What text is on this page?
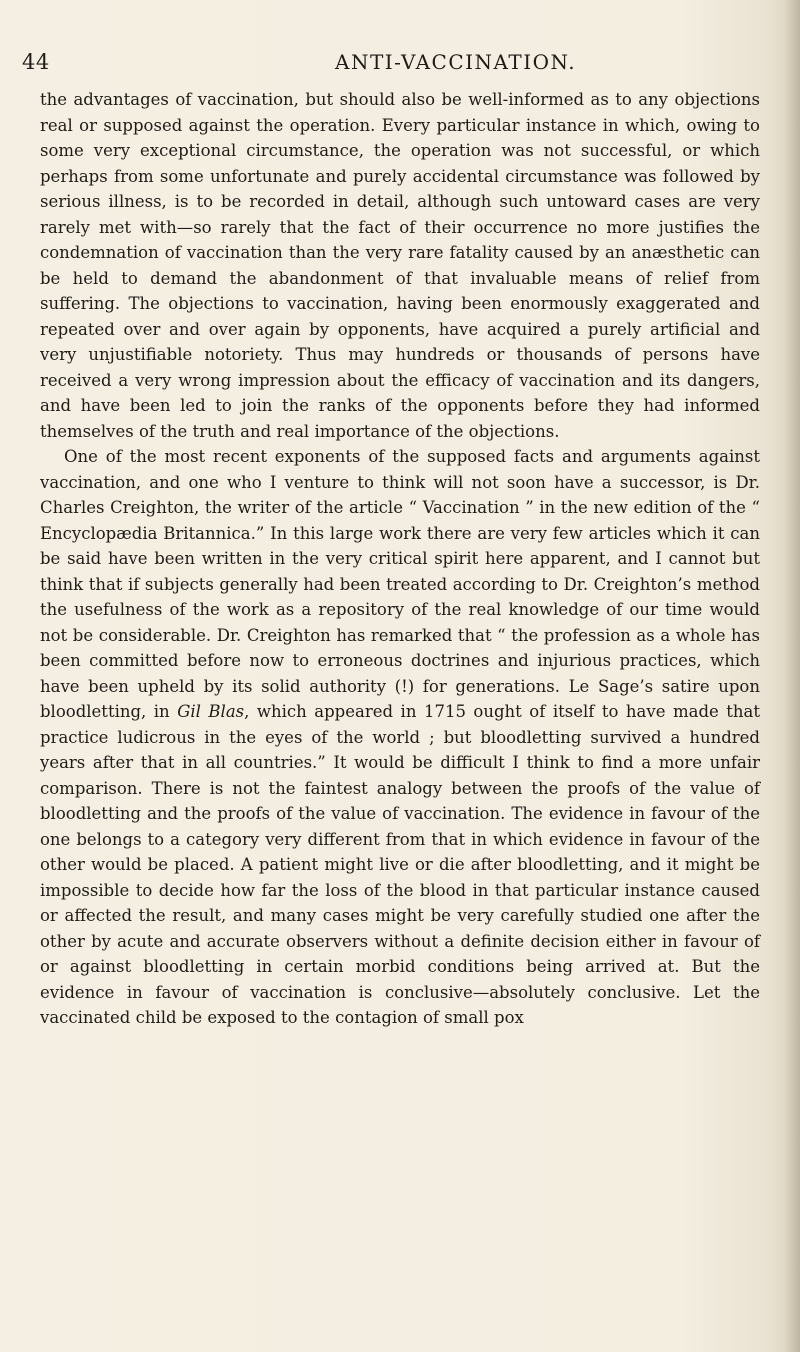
44	ANTI-VACCINATION.

the advantages of vaccination, but should also be well-informed as to any objections real or supposed against the operation. Every particular instance in which, owing to some very exceptional circumstance, the operation was not successful, or which perhaps from some unfortunate and purely accidental circumstance was followed by serious illness, is to be recorded in detail, although such untoward cases are very rarely met with—so rarely that the fact of their occurrence no more justifies the condemnation of vaccination than the very rare fatality caused by an anæsthetic can be held to demand the abandonment of that invaluable means of relief from suffering. The objections to vaccination, having been enormously exaggerated and repeated over and over again by opponents, have acquired a purely artificial and very unjustifiable notoriety. Thus may hundreds or thousands of persons have received a very wrong impression about the efficacy of vaccination and its dangers, and have been led to join the ranks of the opponents before they had informed themselves of the truth and real importance of the objections.

One of the most recent exponents of the supposed facts and arguments against vaccination, and one who I venture to think will not soon have a successor, is Dr. Charles Creighton, the writer of the article “ Vaccination ” in the new edition of the “ Encyclopædia Britannica.” In this large work there are very few articles which it can be said have been written in the very critical spirit here apparent, and I cannot but think that if subjects generally had been treated according to Dr. Creighton’s method the usefulness of the work as a repository of the real knowledge of our time would not be considerable. Dr. Creighton has remarked that “ the profession as a whole has been committed before now to erroneous doctrines and injurious practices, which have been upheld by its solid authority (!) for generations. Le Sage’s satire upon bloodletting, in Gil Blas, which appeared in 1715 ought of itself to have made that practice ludicrous in the eyes of the world ; but bloodletting survived a hundred years after that in all countries.” It would be difficult I think to find a more unfair comparison. There is not the faintest analogy between the proofs of the value of bloodletting and the proofs of the value of vaccination. The evidence in favour of the one belongs to a category very different from that in which evidence in favour of the other would be placed. A patient might live or die after bloodletting, and it might be impossible to decide how far the loss of the blood in that particular instance caused or affected the result, and many cases might be very carefully studied one after the other by acute and accurate observers without a definite decision either in favour of or against bloodletting in certain morbid conditions being arrived at. But the evidence in favour of vaccination is conclusive—absolutely conclusive. Let the vaccinated child be exposed to the contagion of small pox
